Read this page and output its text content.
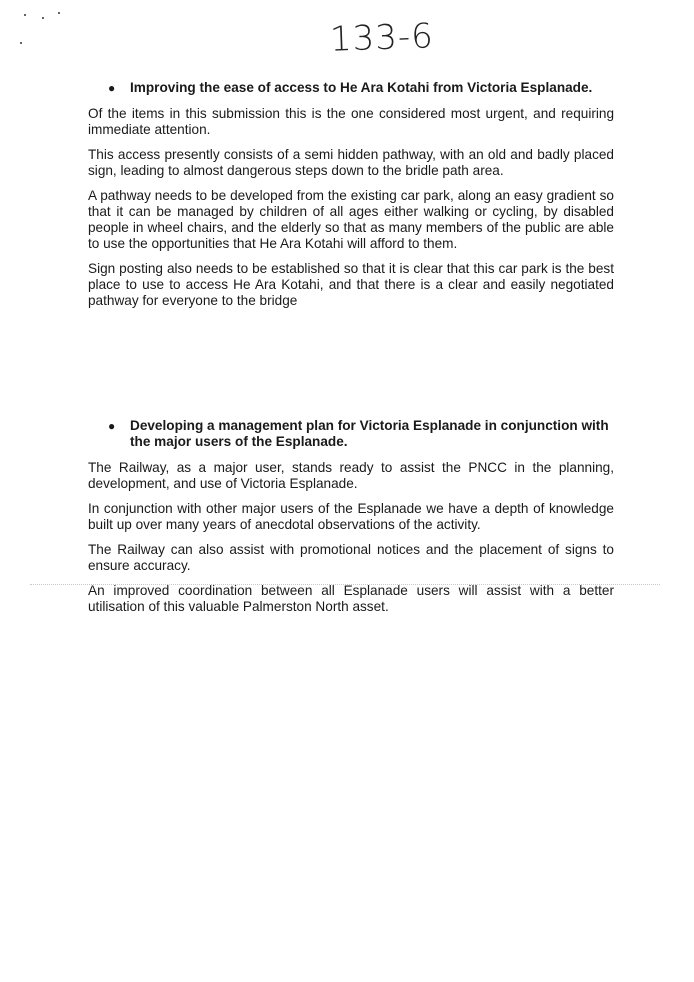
133-6
●	Improving the ease of access to He Ara Kotahi from Victoria Esplanade.

Of the items in this submission this is the one considered most urgent, and requiring immediate attention.

This access presently consists of a semi hidden pathway, with an old and badly placed sign, leading to almost dangerous steps down to the bridle path area.

A pathway needs to be developed from the existing car park, along an easy gradient so that it can be managed by children of all ages either walking or cycling, by disabled people in wheel chairs, and the elderly so that as many members of the public are able to use the opportunities that He Ara Kotahi will afford to them.

Sign posting also needs to be established so that it is clear that this car park is the best place to use to access He Ara Kotahi, and that there is a clear and easily negotiated pathway for everyone to the bridge

●	Developing a management plan for Victoria Esplanade in conjunction with the major users of the Esplanade.

The Railway, as a major user, stands ready to assist the PNCC in the planning, development, and use of Victoria Esplanade.

In conjunction with other major users of the Esplanade we have a depth of knowledge built up over many years of anecdotal observations of the activity.

The Railway can also assist with promotional notices and the placement of signs to ensure accuracy.

An improved coordination between all Esplanade users will assist with a better utilisation of this valuable Palmerston North asset.
